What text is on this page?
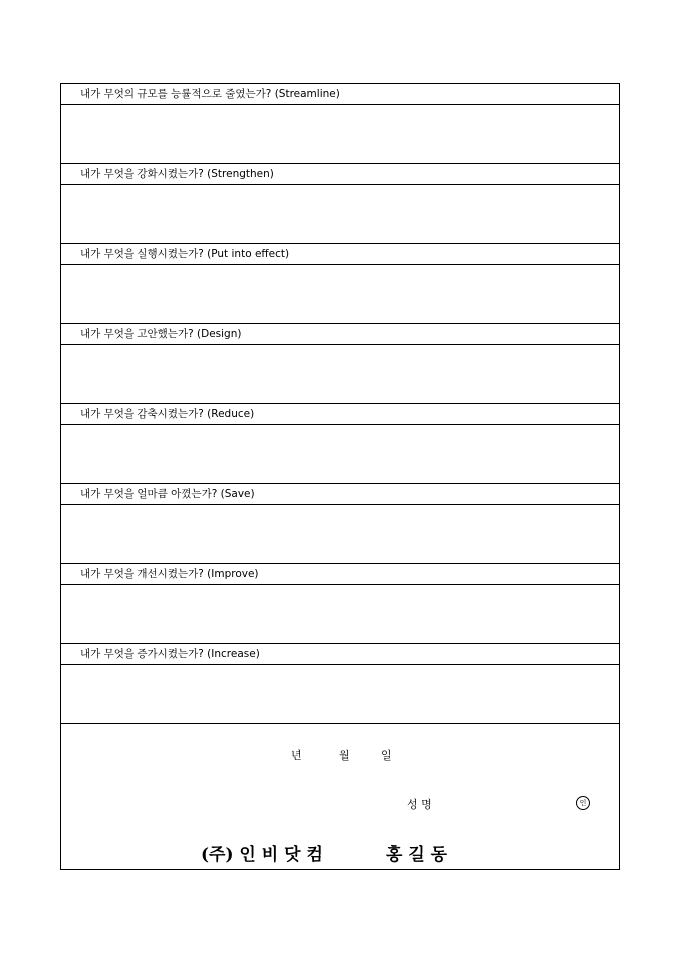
내가 무엇의 규모를 능률적으로 줄였는가? (Streamline)
내가 무엇을 강화시켰는가? (Strengthen)
내가 무엇을 실행시켰는가? (Put into effect)
내가 무엇을 고안했는가? (Design)
내가 무엇을 감축시켰는가? (Reduce)
내가 무엇을 얼마큼 아꼈는가? (Save)
내가 무엇을 개선시켰는가? (Improve)
내가 무엇을 증가시켰는가? (Increase)
년	월	일
성 명	인
(주) 인 비 닷 컴	홍 길 동
